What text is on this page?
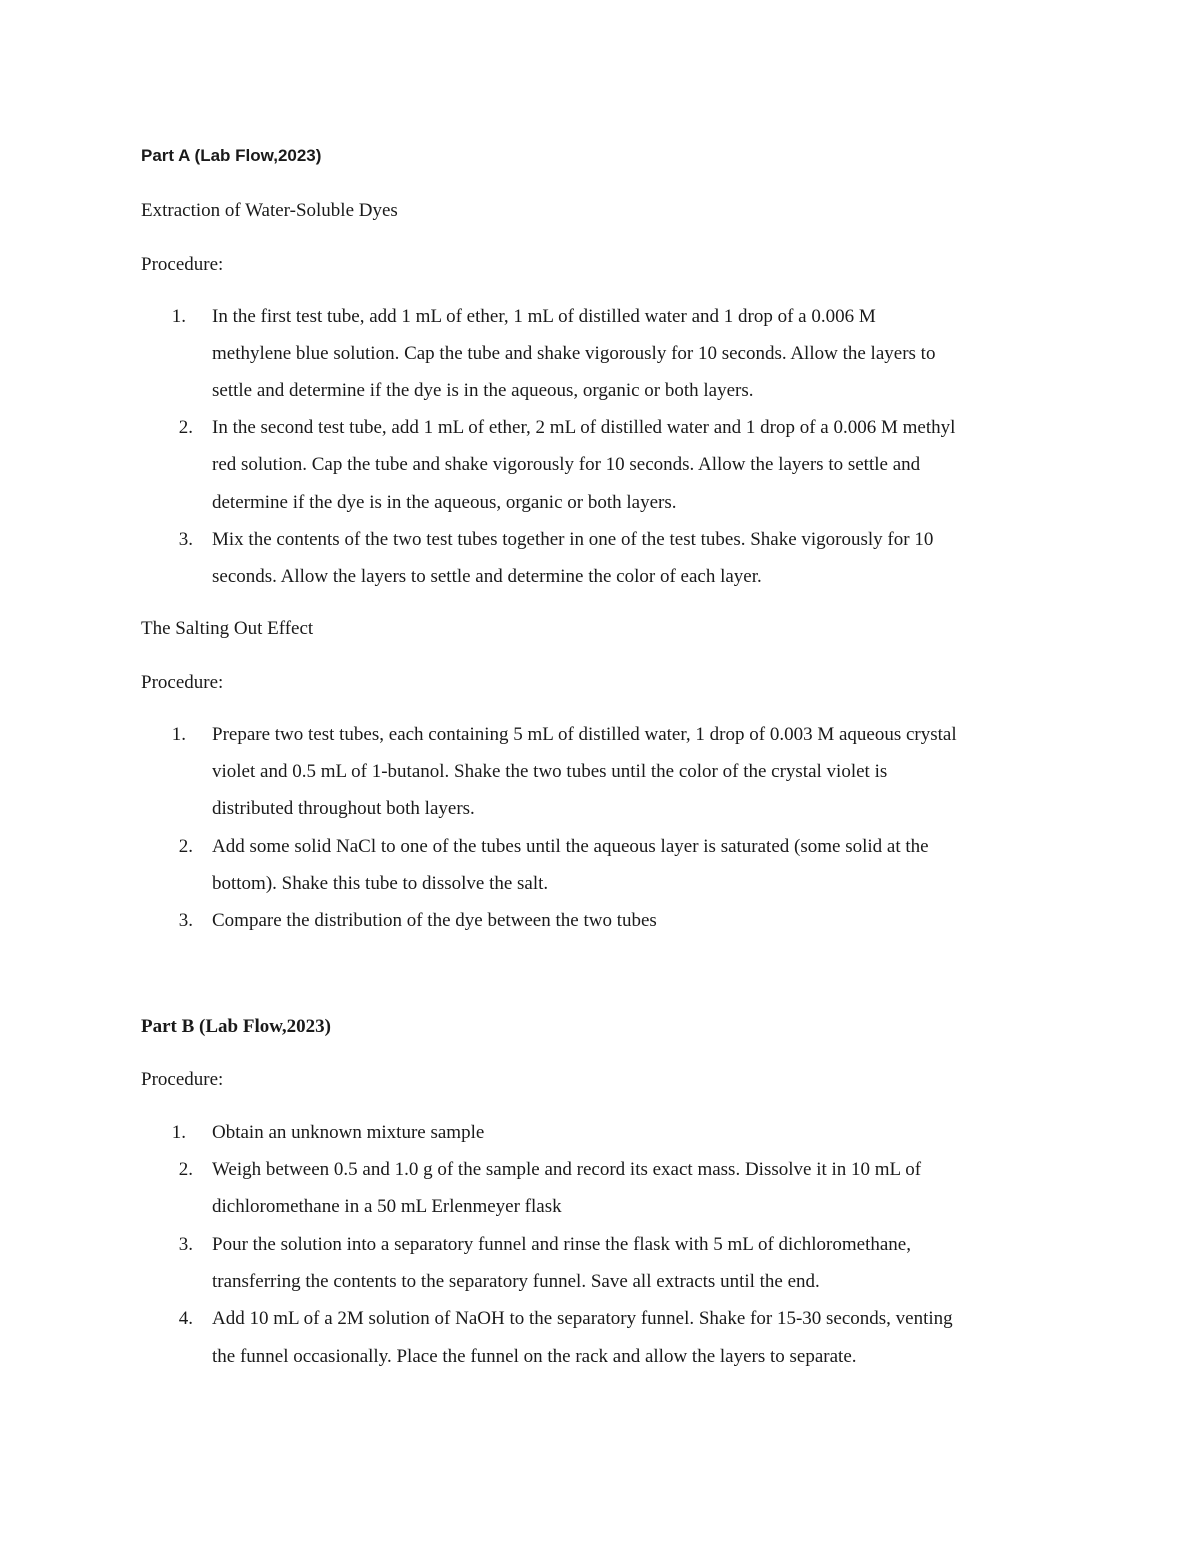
Part A (Lab Flow,2023)
Extraction of Water-Soluble Dyes
Procedure:
1. In the first test tube, add 1 mL of ether, 1 mL of distilled water and 1 drop of a 0.006 M
methylene blue solution. Cap the tube and shake vigorously for 10 seconds. Allow the layers to
settle and determine if the dye is in the aqueous, organic or both layers.
2. In the second test tube, add 1 mL of ether, 2 mL of distilled water and 1 drop of a 0.006 M methyl
red solution. Cap the tube and shake vigorously for 10 seconds. Allow the layers to settle and
determine if the dye is in the aqueous, organic or both layers.
3. Mix the contents of the two test tubes together in one of the test tubes. Shake vigorously for 10
seconds. Allow the layers to settle and determine the color of each layer.
The Salting Out Effect
Procedure:
1. Prepare two test tubes, each containing 5 mL of distilled water, 1 drop of 0.003 M aqueous crystal
violet and 0.5 mL of 1-butanol. Shake the two tubes until the color of the crystal violet is
distributed throughout both layers.
2. Add some solid NaCl to one of the tubes until the aqueous layer is saturated (some solid at the
bottom). Shake this tube to dissolve the salt.
3. Compare the distribution of the dye between the two tubes
Part B (Lab Flow,2023)
Procedure:
1. Obtain an unknown mixture sample
2. Weigh between 0.5 and 1.0 g of the sample and record its exact mass. Dissolve it in 10 mL of
dichloromethane in a 50 mL Erlenmeyer flask
3. Pour the solution into a separatory funnel and rinse the flask with 5 mL of dichloromethane,
transferring the contents to the separatory funnel. Save all extracts until the end.
4. Add 10 mL of a 2M solution of NaOH to the separatory funnel. Shake for 15-30 seconds, venting
the funnel occasionally. Place the funnel on the rack and allow the layers to separate.
